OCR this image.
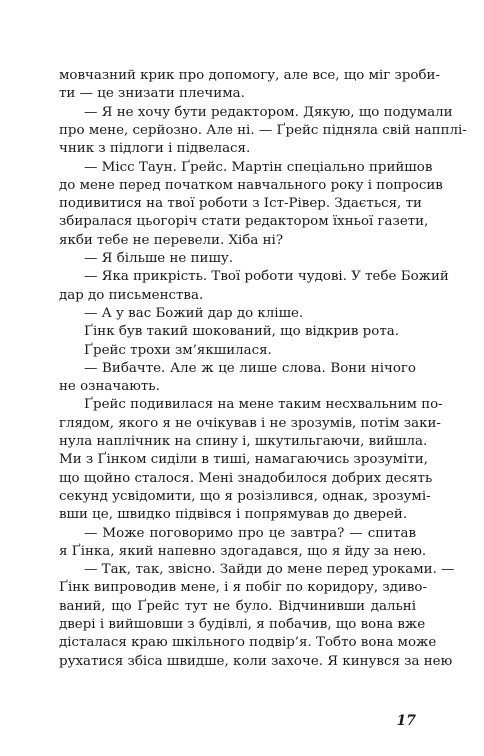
мовчазний крик про допомогу, але все, що міг зроби-
ти — це знизати плечима.
— Я не хочу бути редактором. Дякую, що подумали
про мене, серйозно. Але ні. — Ґрейс підняла свій напплі-
чник з підлоги і підвелася.
— Місс Таун. Ґрейс. Мартін спеціально прийшов
до мене перед початком навчального року і попросив
подивитися на твої роботи з Іст-Рівер. Здається, ти
збиралася цьогоріч стати редактором їхньої газети,
якби тебе не перевели. Хіба ні?
— Я більше не пишу.
— Яка прикрість. Твої роботи чудові. У тебе Божий
дар до письменства.
— А у вас Божий дар до кліше.
Ґінк був такий шокований, що відкрив рота.
Ґрейс трохи зм’якшилася.
— Вибачте. Але ж це лише слова. Вони нічого
не означають.
Ґрейс подивилася на мене таким несхвальним по-
глядом, якого я не очікував і не зрозумів, потім заки-
нула наплічник на спину і, шкутильгаючи, вийшла.
Ми з Ґінком сиділи в тиші, намагаючись зрозуміти,
що щойно сталося. Мені знадобилося добрих десять
секунд усвідомити, що я розізлився, однак, зрозумі-
вши це, швидко підвівся і попрямував до дверей.
— Може поговоримо про це завтра? — спитав
я Ґінка, який напевно здогадався, що я йду за нею.
— Так, так, звісно. Зайди до мене перед уроками. —
Ґінк випроводив мене, і я побіг по коридору, здиво-
ваний, що Ґрейс тут не було. Відчинивши дальні
двері і вийшовши з будівлі, я побачив, що вона вже
дісталася краю шкільного подвір’я. Тобто вона може
рухатися збіса швидше, коли захоче. Я кинувся за нею
17
